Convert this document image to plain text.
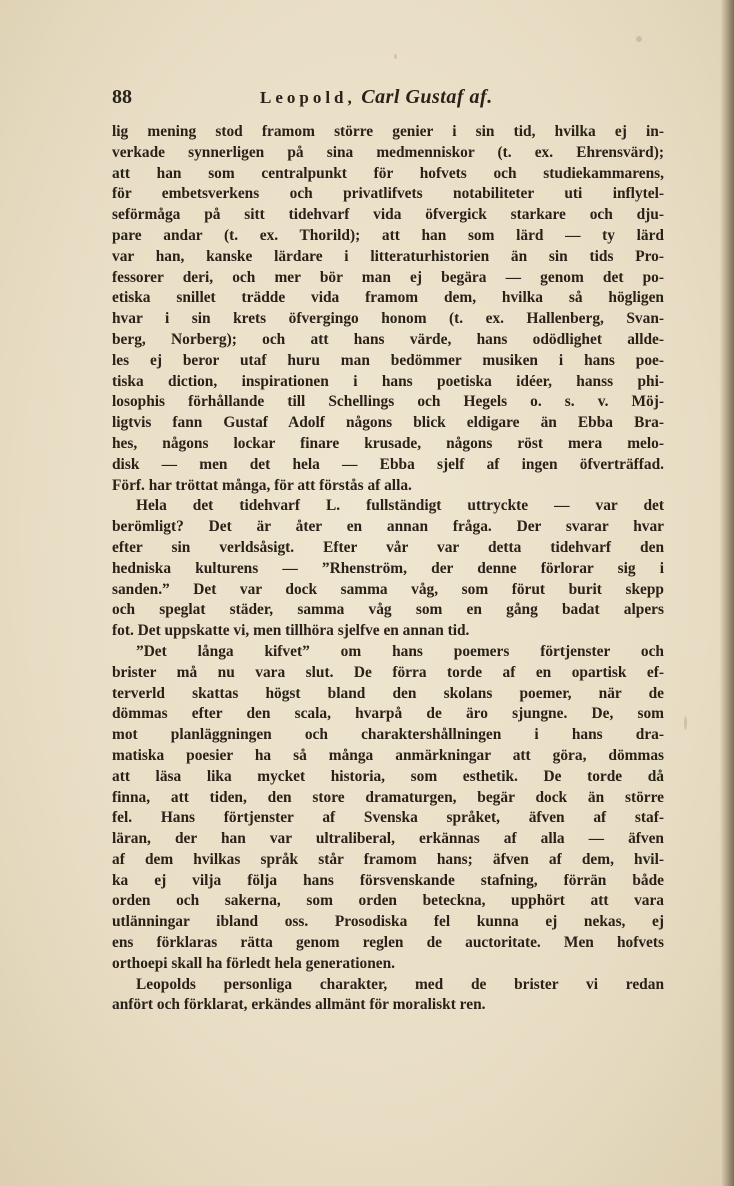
88	Leopold, Carl Gustaf af.
lig mening stod framom större genier i sin tid, hvilka ej in-
verkade synnerligen på sina medmenniskor (t. ex. Ehrensvärd);
att han som centralpunkt för hofvets och studiekammarens,
för embetsverkens och privatlifvets notabiliteter uti inflytel-
seförmåga på sitt tidehvarf vida öfvergick starkare och dju-
pare andar (t. ex. Thorild); att han som lärd — ty lärd
var han, kanske lärdare i litteraturhistorien än sin tids Pro-
fessorer deri, och mer bör man ej begära — genom det po-
etiska snillet trädde vida framom dem, hvilka så högligen
hvar i sin krets öfvergingo honom (t. ex. Hallenberg, Svan-
berg, Norberg); och att hans värde, hans odödlighet allde-
les ej beror utaf huru man bedömmer musiken i hans poe-
tiska diction, inspirationen i hans poetiska idéer, hanss phi-
losophis förhållande till Schellings och Hegels o. s. v. Möj-
ligtvis fann Gustaf Adolf någons blick eldigare än Ebba Bra-
hes, någons lockar finare krusade, någons röst mera melo-
disk — men det hela — Ebba sjelf af ingen öfverträffad.
Förf. har tröttat många, för att förstås af alla.
Hela det tidehvarf L. fullständigt uttryckte — var det
berömligt? Det är åter en annan fråga. Der svarar hvar
efter sin verldsåsigt. Efter vår var detta tidehvarf den
hedniska kulturens — ”Rhenström, der denne förlorar sig i
sanden.” Det var dock samma våg, som förut burit skepp
och speglat städer, samma våg som en gång badat alpers
fot. Det uppskatte vi, men tillhöra sjelfve en annan tid.
”Det långa kifvet” om hans poemers förtjenster och
brister må nu vara slut. De förra torde af en opartisk ef-
terverld skattas högst bland den skolans poemer, när de
dömmas efter den scala, hvarpå de äro sjungne. De, som
mot planläggningen och charaktershållningen i hans dra-
matiska poesier ha så många anmärkningar att göra, dömmas
att läsa lika mycket historia, som esthetik. De torde då
finna, att tiden, den store dramaturgen, begär dock än större
fel. Hans förtjenster af Svenska språket, äfven af staf-
läran, der han var ultraliberal, erkännas af alla — äfven
af dem hvilkas språk står framom hans; äfven af dem, hvil-
ka ej vilja följa hans försvenskande stafning, förrän både
orden och sakerna, som orden beteckna, upphört att vara
utlänningar ibland oss. Prosodiska fel kunna ej nekas, ej
ens förklaras rätta genom reglen de auctoritate. Men hofvets
orthoepi skall ha förledt hela generationen.
Leopolds personliga charakter, med de brister vi redan
anfört och förklarat, erkändes allmänt för moraliskt ren.
